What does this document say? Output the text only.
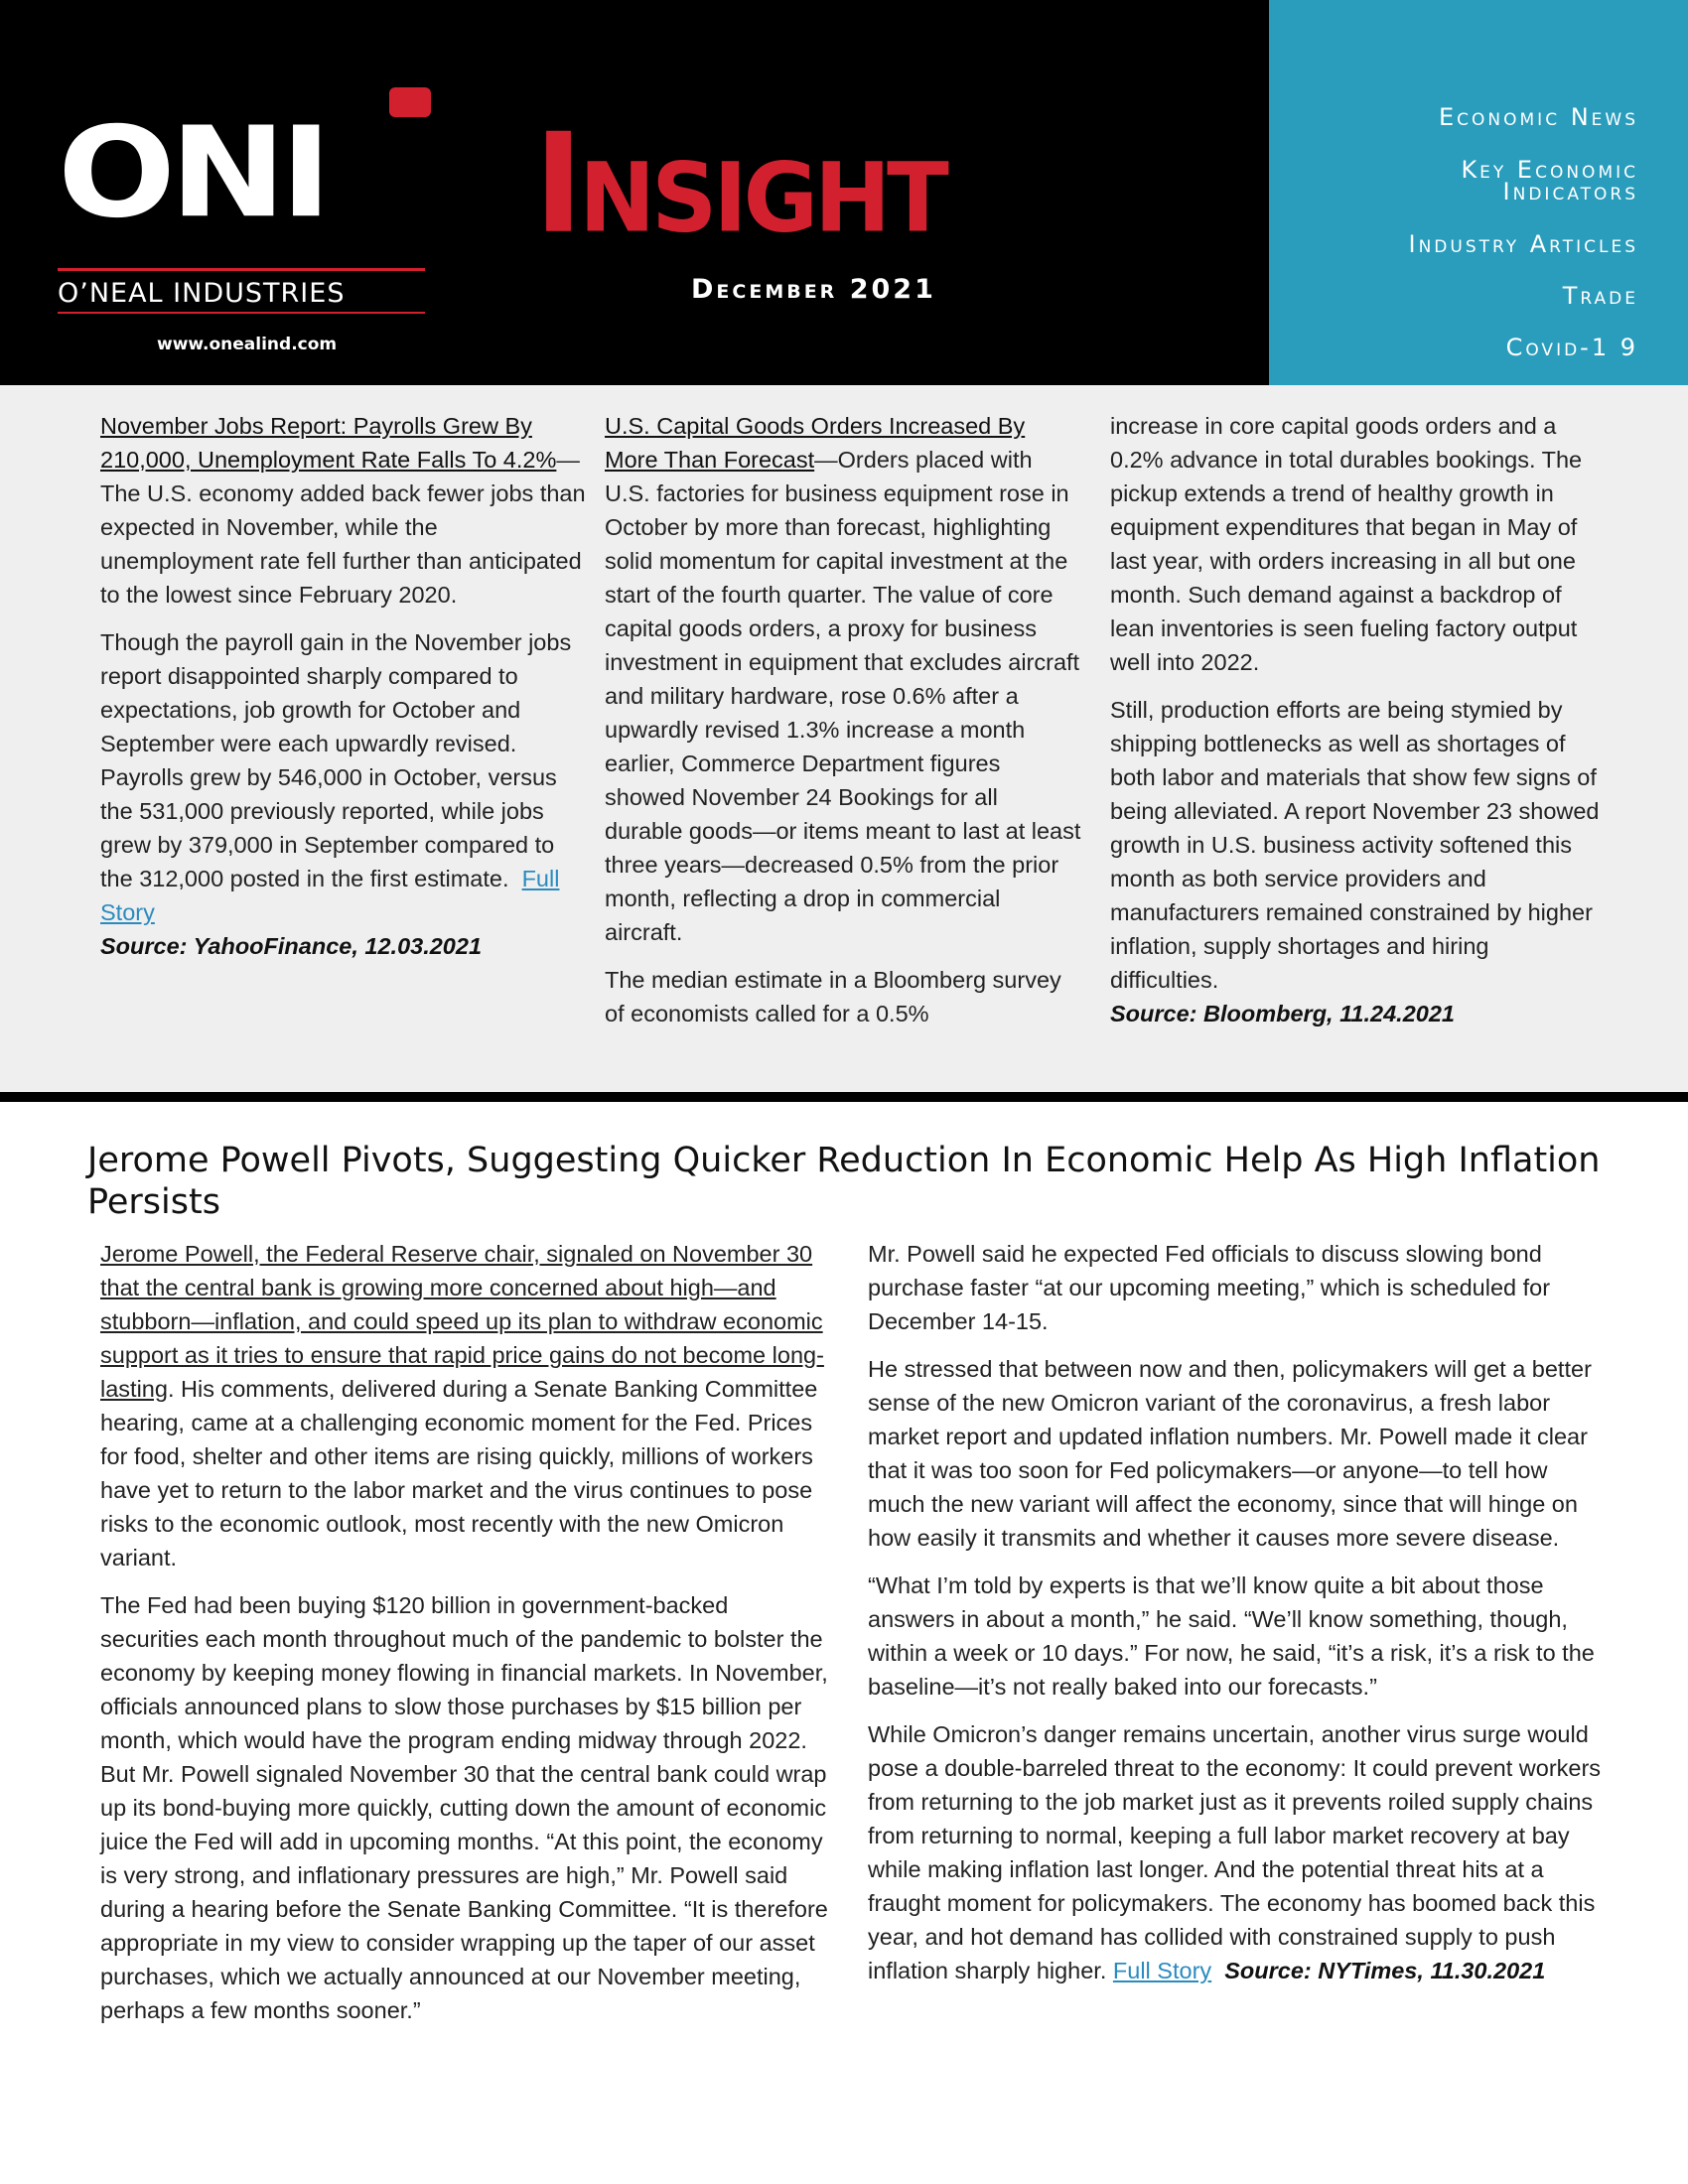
ONI
O’NEAL INDUSTRIES
www.onealind.com
Insight
December 2021
Economic News
Key Economic Indicators
Industry Articles
Trade
Covid-1 9

November Jobs Report: Payrolls Grew By 210,000, Unemployment Rate Falls To 4.2%—The U.S. economy added back fewer jobs than expected in November, while the unemployment rate fell further than anticipated to the lowest since February 2020.

Though the payroll gain in the November jobs report disappointed sharply compared to expectations, job growth for October and September were each upwardly revised. Payrolls grew by 546,000 in October, versus the 531,000 previously reported, while jobs grew by 379,000 in September compared to the 312,000 posted in the first estimate. Full Story
Source: YahooFinance, 12.03.2021

U.S. Capital Goods Orders Increased By More Than Forecast—Orders placed with U.S. factories for business equipment rose in October by more than forecast, highlighting solid momentum for capital investment at the start of the fourth quarter. The value of core capital goods orders, a proxy for business investment in equipment that excludes aircraft and military hardware, rose 0.6% after a upwardly revised 1.3% increase a month earlier, Commerce Department figures showed November 24 Bookings for all durable goods—or items meant to last at least three years—decreased 0.5% from the prior month, reflecting a drop in commercial aircraft.

The median estimate in a Bloomberg survey of economists called for a 0.5%

increase in core capital goods orders and a 0.2% advance in total durables bookings. The pickup extends a trend of healthy growth in equipment expenditures that began in May of last year, with orders increasing in all but one month. Such demand against a backdrop of lean inventories is seen fueling factory output well into 2022.

Still, production efforts are being stymied by shipping bottlenecks as well as shortages of both labor and materials that show few signs of being alleviated. A report November 23 showed growth in U.S. business activity softened this month as both service providers and manufacturers remained constrained by higher inflation, supply shortages and hiring difficulties.
Source: Bloomberg, 11.24.2021

Jerome Powell Pivots, Suggesting Quicker Reduction In Economic Help As High Inflation Persists

Jerome Powell, the Federal Reserve chair, signaled on November 30 that the central bank is growing more concerned about high—and stubborn—inflation, and could speed up its plan to withdraw economic support as it tries to ensure that rapid price gains do not become long-lasting. His comments, delivered during a Senate Banking Committee hearing, came at a challenging economic moment for the Fed. Prices for food, shelter and other items are rising quickly, millions of workers have yet to return to the labor market and the virus continues to pose risks to the economic outlook, most recently with the new Omicron variant.

The Fed had been buying $120 billion in government-backed securities each month throughout much of the pandemic to bolster the economy by keeping money flowing in financial markets. In November, officials announced plans to slow those purchases by $15 billion per month, which would have the program ending midway through 2022. But Mr. Powell signaled November 30 that the central bank could wrap up its bond-buying more quickly, cutting down the amount of economic juice the Fed will add in upcoming months. “At this point, the economy is very strong, and inflationary pressures are high,” Mr. Powell said during a hearing before the Senate Banking Committee. “It is therefore appropriate in my view to consider wrapping up the taper of our asset purchases, which we actually announced at our November meeting, perhaps a few months sooner.”

Mr. Powell said he expected Fed officials to discuss slowing bond purchase faster “at our upcoming meeting,” which is scheduled for December 14-15.

He stressed that between now and then, policymakers will get a better sense of the new Omicron variant of the coronavirus, a fresh labor market report and updated inflation numbers. Mr. Powell made it clear that it was too soon for Fed policymakers—or anyone—to tell how much the new variant will affect the economy, since that will hinge on how easily it transmits and whether it causes more severe disease.

“What I’m told by experts is that we’ll know quite a bit about those answers in about a month,” he said. “We’ll know something, though, within a week or 10 days.” For now, he said, “it’s a risk, it’s a risk to the baseline—it’s not really baked into our forecasts.”

While Omicron’s danger remains uncertain, another virus surge would pose a double-barreled threat to the economy: It could prevent workers from returning to the job market just as it prevents roiled supply chains from returning to normal, keeping a full labor market recovery at bay while making inflation last longer. And the potential threat hits at a fraught moment for policymakers. The economy has boomed back this year, and hot demand has collided with constrained supply to push inflation sharply higher. Full Story Source: NYTimes, 11.30.2021
